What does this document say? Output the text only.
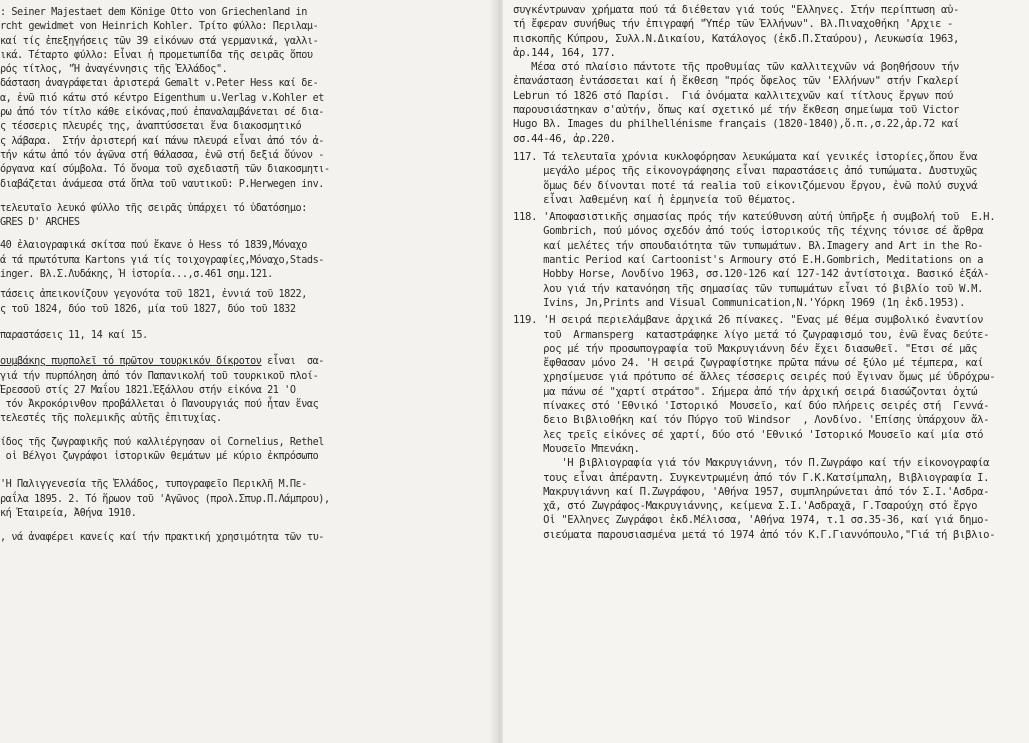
: Seiner Majestaet dem Könige Otto von Griechenland in
rcht gewidmet von Heinrich Kohler. Τρίτο φύλλο: Περιλαμ-
καί τίς ἐπεξηγήσεις τῶν 39 εἰκόνων στά γερμανικά, γαλλι-
ικά. Τέταρτο φύλλο: Εἶναι ἡ προμετωπίδα τῆς σειρᾶς ὅπου
ρός τίτλος, "Ἡ ἀναγέννησις τῆς Ἑλλάδος".
δάσταση ἀναγράφεται ἀριστερά Gemalt v.Peter Hess καί δε-
α, ἐνῶ πιό κάτω στό κέντρο Eigenthum u.Verlag v.Kohler et
ρω ἀπό τόν τίτλο κάθε εἰκόνας,πού ἐπαναλαμβάνεται σέ δια-
ς τέσσερις πλευρές της, ἀναπτύσσεται ἕνα διακοσμητικό
ς λάβαρα.  Στήν ἀριστερή καί πάνω πλευρά εἶναι ἀπό τόν ἀ-
τήν κάτω ἀπό τόν ἀγῶνα στή θάλασσα, ἐνῶ στή δεξιά ὄύνον -
όργανα καί σύμβολα. Τό ὄνομα τοῦ σχεδιαστῆ τῶν διακοσμητι-
διαβάζεται ἀνάμεσα στά ὅπλα τοῦ ναυτικοῦ: P.Herwegen inv.
τελευταῖο λευκό φύλλο τῆς σειρᾶς ὑπάρχει τό ὑδατόσημο:
GRES D' ARCHES
40 ἐλαιογραφικά σκίτσα πού ἔκανε ὁ Hess τό 1839,Μόναχο
ά τά πρωτότυπα Kartons γιά τίς τοιχογραφίες,Μόναχο,Stads-
inger. Βλ.Σ.Λυδάκης, Ἡ ἱστορία...,σ.461 σημ.121.
τάσεις ἀπεικονίζουν γεγονότα τοῦ 1821, ἐννιά τοῦ 1822,
ς τοῦ 1824, δύο τοῦ 1826, μία τοῦ 1827, δύο τοῦ 1832
παραστάσεις 11, 14 καί 15.
ουμβάκης πυρπολεῖ τό πρῶτον τουρκικόν δίκροτον εἶναι  σα-
γιά τήν πυρπόληση ἀπό τόν Παπανικολή τοῦ τουρκικοῦ πλοί-
Ἐρεσσοῦ στίς 27 Μαΐου 1821.Ἐξάλλου στήν εἰκόνα 21 'Ο
τόν Ἀκροκόρινθον προβάλλεται ὁ Πανουργιάς πού ἦταν ἕνας
τελεστές τῆς πολεμικῆς αὐτῆς ἐπιτυχίας.
ίδος τῆς ζωγραφικῆς πού καλλιέργησαν οἱ Cornelius, Rethel
οἱ Βέλγοι ζωγράφοι ἱστορικῶν θεμάτων μέ κύριο ἐκπρόσωπο
'Η Παλιγγενεσία τῆς Ἑλλάδος, τυπογραφεῖο Περικλῆ Μ.Πε-
ραΐλα 1895. 2. Τό ἥρωον τοῦ 'Αγῶνος (προλ.Σπυρ.Π.Λάμπρου),
κή Ἑταιρεία, Ἀθήνα 1910.
, νά ἀναφέρει κανείς καί τήν πρακτική χρησιμότητα τῶν τυ-
συγκέντρωναν χρήματα πού τά διέθεταν γιά τούς "Ελληνες. Στήν περίπτωση αὐ-
τή ἔφεραν συνήθως τήν ἐπιγραφή "Ὑπέρ τῶν Ἑλλήνων". Βλ.Πιναχοθήκη 'Αρχιε -
πισκοπῆς Κύπρου, Συλλ.Ν.Δικαίου, Κατάλογος (ἐκδ.Π.Σταύρου), Λευκωσία 1963,
ἀρ.144, 164, 177.
Μέσα στό πλαίσιο πάντοτε τῆς προθυμίας τῶν καλλιτεχνῶν νά βοηθήσουν τήν
ἐπανάσταση ἐντάσσεται καί ἡ ἔκθεση "πρός ὄφελος τῶν 'Ελλήνων" στήν Γκαλερί
Lebrun τό 1826 στό Παρίσι.  Γιά ὀνόματα καλλιτεχνῶν καί τίτλους ἔργων πού
παρουσιάστηκαν σ'αὐτήν, ὅπως καί σχετικό μέ τήν ἔκθεση σημείωμα τοῦ Victor
Hugo Βλ. Images du philhellénisme français (1820-1840),ὅ.π.,σ.22,ἀρ.72 καί
σσ.44-46, ἀρ.220.
117. Τά τελευταῖα χρόνια κυκλοφόρησαν λευκώματα καί γενικές ἱστορίες,ὅπου ἕνα
μεγάλο μέρος τῆς εἰκονογράφησης εἶναι παραστάσεις ἀπό τυπώματα. Δυστυχῶς
ὅμως δέν δίνονται ποτέ τά realia τοῦ εἰκονιζόμενου ἔργου, ἐνῶ πολύ συχνά
εἶναι λαθεμένη καί ἡ ἑρμηνεία τοῦ θέματος.
118. 'Αποφασιστικῆς σημασίας πρός τήν κατεύθυνση αὐτή ὑπῆρξε ἡ συμβολή τοῦ  E.H.
Gombrich, πού μόνος σχεδόν ἀπό τούς ἱστορικούς τῆς τέχνης τόνισε σέ ἄρθρα
καί μελέτες τήν σπουδαιότητα τῶν τυπωμάτων. Βλ.Imagery and Art in the Ro-
mantic Period καί Cartoonist's Armoury στό E.H.Gombrich, Meditations on a
Hobby Horse, Λονδίνο 1963, σσ.120-126 καί 127-142 ἀντίστοιχα. Βασικό ἐξάλ-
λου γιά τήν κατανόηση τῆς σημασίας τῶν τυπωμάτων εἶναι τό βιβλίο τοῦ W.M.
Ivins, Jn,Prints and Visual Communication,N.'Υόρκη 1969 (1η ἐκδ.1953).
119. 'Η σειρά περιελάμβανε ἀρχικά 26 πίνακες. "Ενας μέ θέμα συμβολικό ἐναντίον
τοῦ  Armansperg  καταστράφηκε λίγο μετά τό ζωγραφισμό του, ἐνῶ ἕνας δεύτε-
ρος μέ τήν προσωπογραφία τοῦ Μακρυγιάννη δέν ἔχει διασωθεῖ. "Ετσι σέ μᾶς
ἔφθασαν μόνο 24. 'Η σειρά ζωγραφίστηκε πρῶτα πάνω σέ ξύλο μέ τέμπερα, καί
χρησίμευσε γιά πρότυπο σέ ἄλλες τέσσερις σειρές πού ἔγιναν ὅμως μέ ὑδρόχρω-
μα πάνω σέ "χαρτί στράτσο". Σήμερα ἀπό τήν ἀρχική σειρά διασώζονται ὀχτώ
πίνακες στό 'Εθνικό 'Ιστορικό  Μουσεῖο, καί δύο πλήρεις σειρές στή  Γενvά-
δειο Βιβλιοθήκη καί τόν Πύργο τοῦ Windsor  , Λονδίνο. 'Επίσης ὑπάρχουν ἄλ-
λες τρεῖς εἰκόνες σέ χαρτί, δύο στό 'Εθνικό 'Ιστορικό Μουσεῖο καί μία στό
Μουσεῖο Μπενάκη.
'Η βιβλιογραφία γιά τόν Μακρυγιάννη, τόν Π.Ζωγράφο καί τήν εἰκονογραφία
τους εἶναι ἀπέραντη. Συγκεντρωμένη ἀπό τόν Γ.Κ.Κατσίμπαλη, Βιβλιογραφία Ι.
Μακρυγιάννη καί Π.Ζωγράφου, 'Αθήνα 1957, συμπληρώνεται ἀπό τόν Σ.Ι.'Ασδρα-
χᾶ, στό Ζωγράφος-Μακρυγιάννης, κείμενα Σ.Ι.'Ασδραχᾶ, Γ.Τσαρούχη στό ἔργο
Οἱ "Ελληνες Ζωγράφοι ἐκδ.Μέλισσα, 'Αθήνα 1974, τ.1 σσ.35-36, καί γιά δημο-
σιεύματα παρουσιασμένα μετά τό 1974 ἀπό τόν Κ.Γ.Γιαννόπουλο,"Γιά τή βιβλιο-
